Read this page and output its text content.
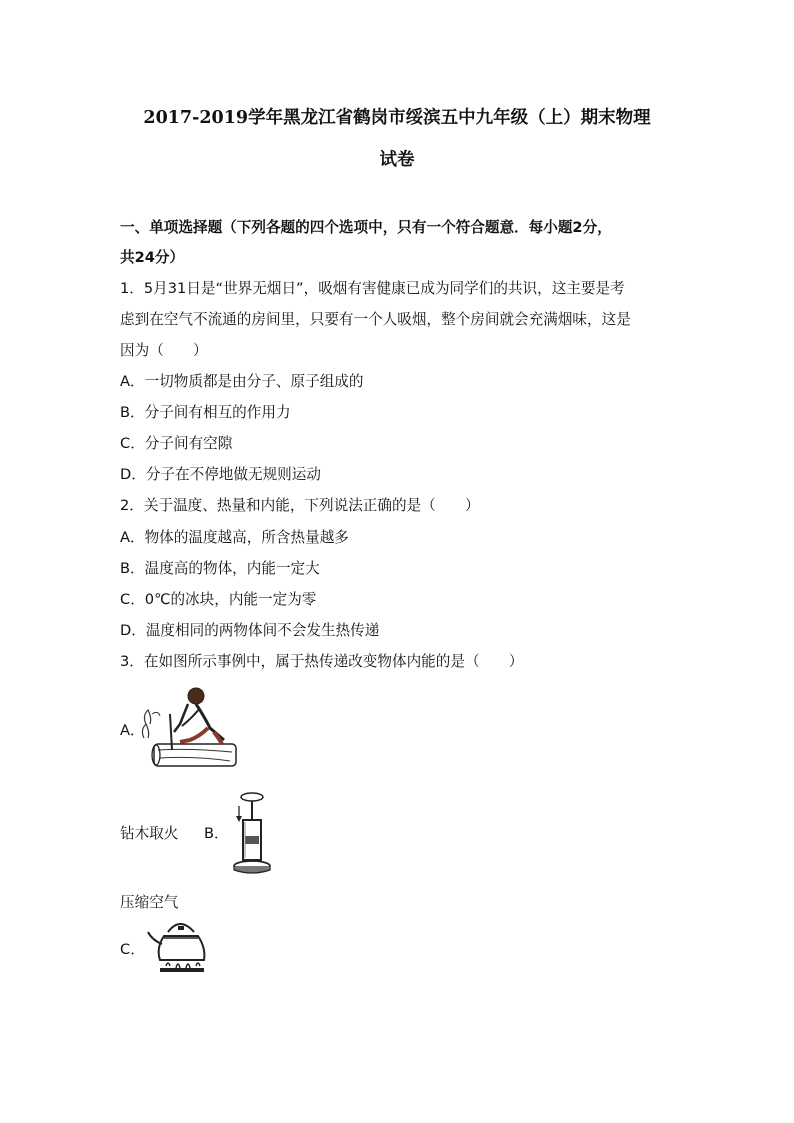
2017-2019学年黑龙江省鹤岗市绥滨五中九年级（上）期末物理
试卷

一、单项选择题（下列各题的四个选项中，只有一个符合题意．每小题2分，

共24分）

1．5月31日是“世界无烟日”，吸烟有害健康已成为同学们的共识，这主要是考

虑到在空气不流通的房间里，只要有一个人吸烟，整个房间就会充满烟味，这是

因为（　　）

A．一切物质都是由分子、原子组成的

B．分子间有相互的作用力

C．分子间有空隙

D．分子在不停地做无规则运动

2．关于温度、热量和内能，下列说法正确的是（　　）

A．物体的温度越高，所含热量越多

B．温度高的物体，内能一定大

C．0℃的冰块，内能一定为零

D．温度相同的两物体间不会发生热传递

3．在如图所示事例中，属于热传递改变物体内能的是（　　）

A．
钻木取火 B．
压缩空气
C．
